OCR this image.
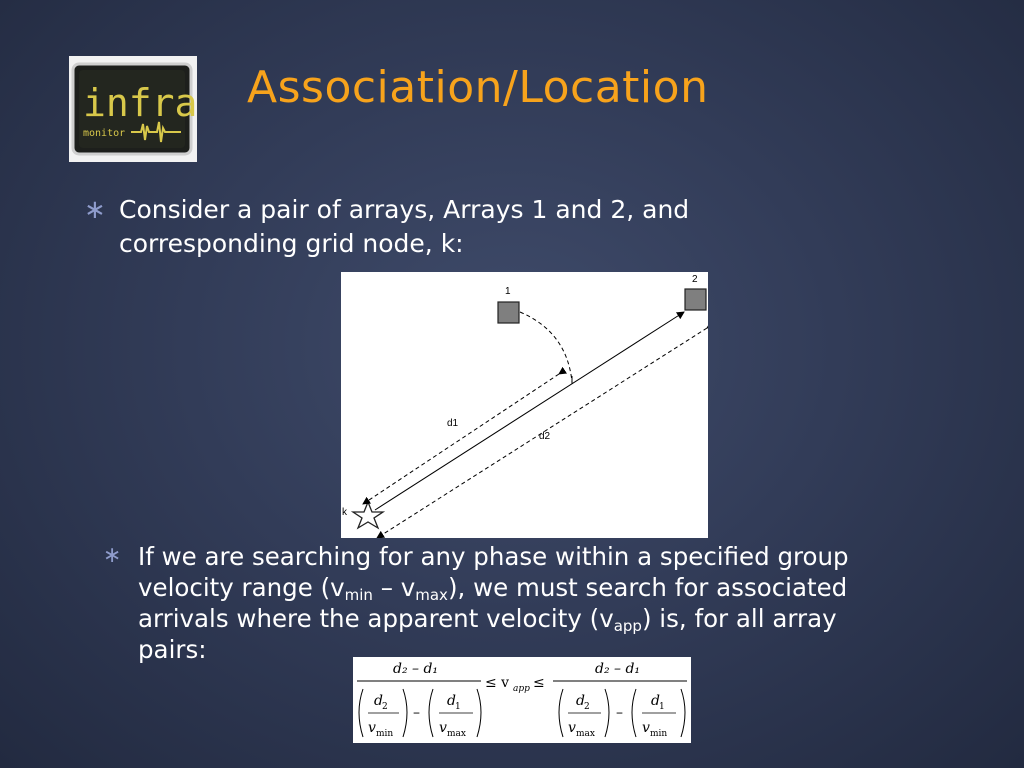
infra
monitor
Association/Location
∗ Consider a pair of arrays, Arrays 1 and 2, and
corresponding grid node, k:
1
2
k
d1
d2
∗ If we are searching for any phase within a specified group
velocity range $(v_{min} - v_{max})$, we must search for associated
arrivals where the apparent velocity $(v_{app})$ is, for all array
pairs:
d₂ – d₁
d 2
v min
–
d 1
v max
≤ v app ≤
d₂ – d₁
d 2
v max
–
d 1
v min
